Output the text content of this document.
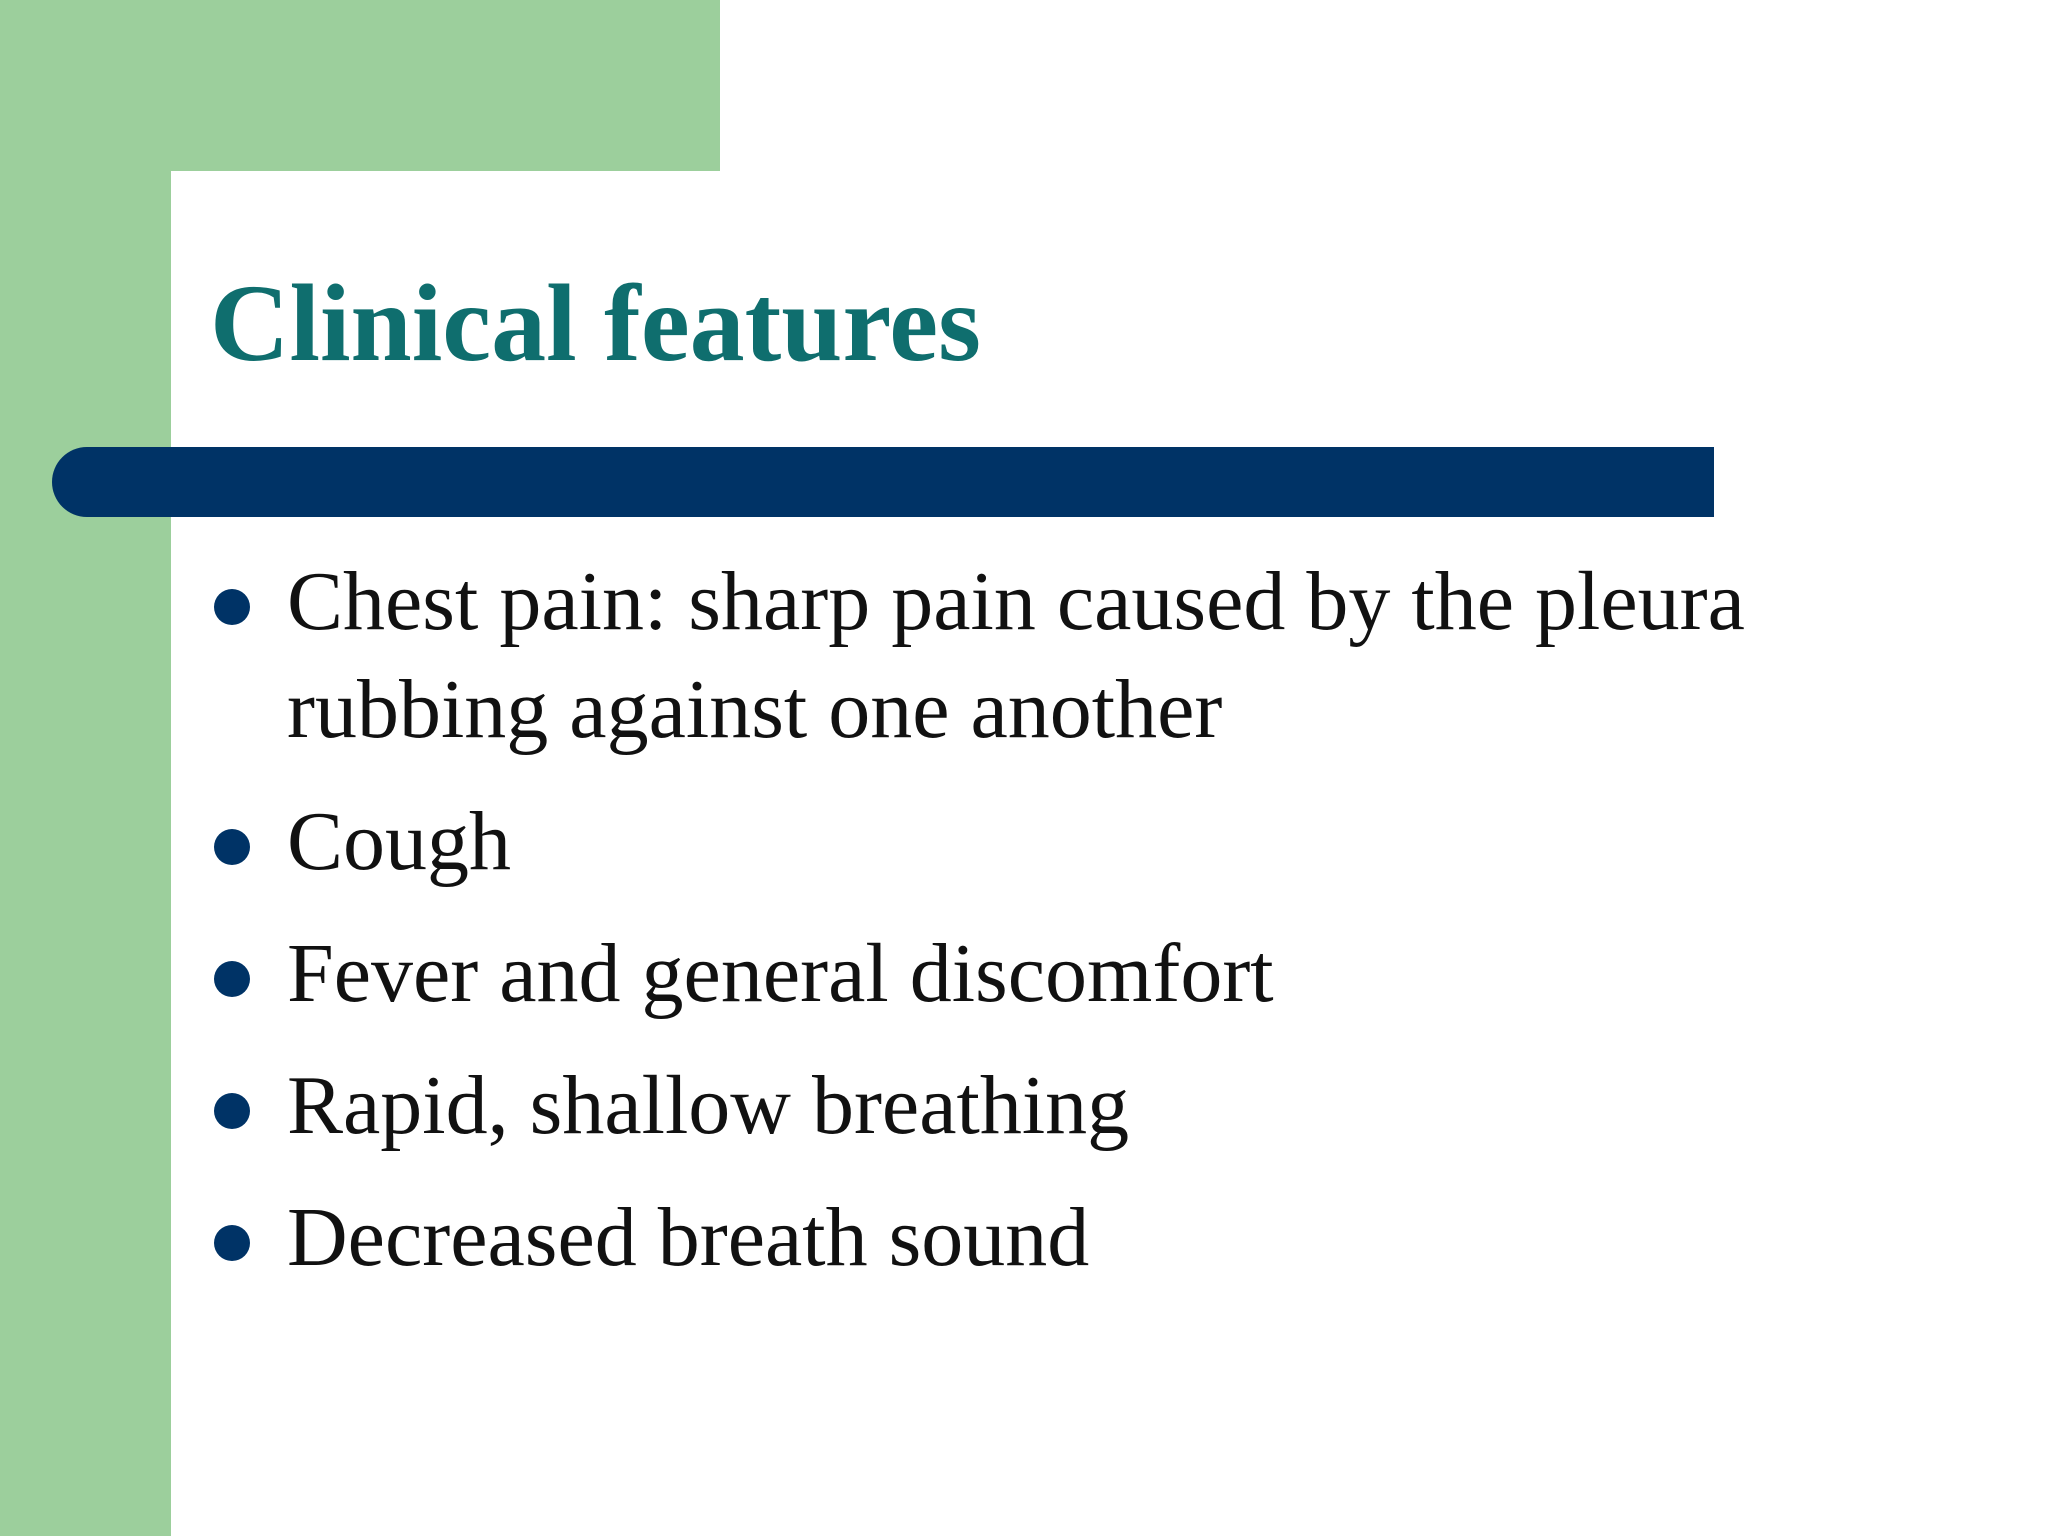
Clinical features
Chest pain: sharp pain caused by the pleura rubbing against one another
Cough
Fever and general discomfort
Rapid, shallow breathing
Decreased breath sound
